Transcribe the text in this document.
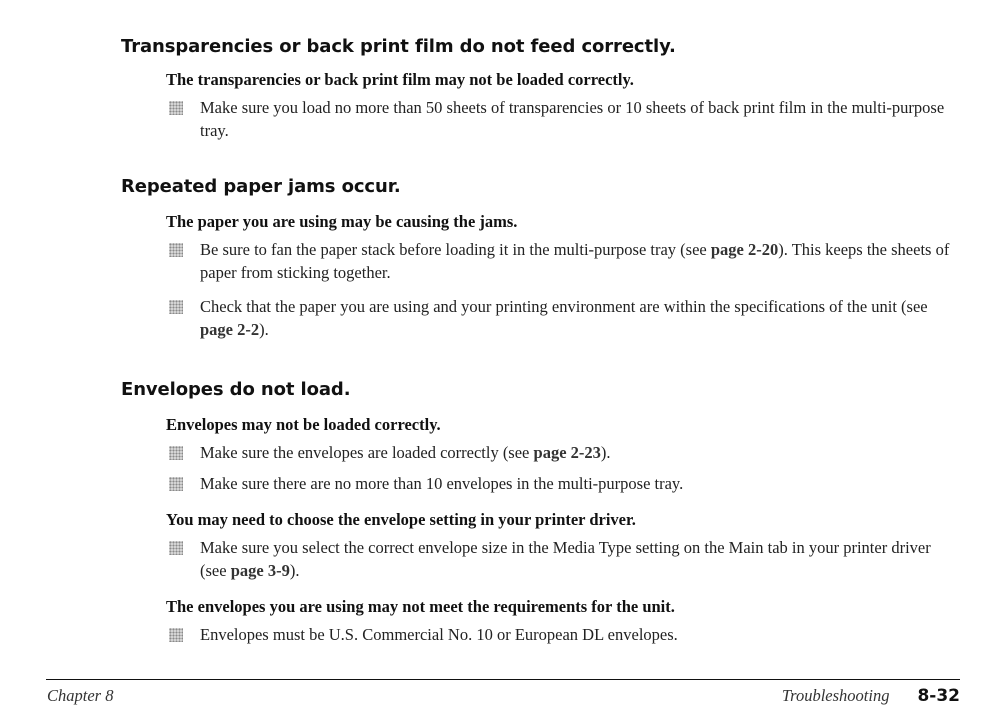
Transparencies or back print film do not feed correctly.
The transparencies or back print film may not be loaded correctly.
Make sure you load no more than 50 sheets of transparencies or 10 sheets of back print film in the multi-purpose tray.
Repeated paper jams occur.
The paper you are using may be causing the jams.
Be sure to fan the paper stack before loading it in the multi-purpose tray (see page 2-20). This keeps the sheets of paper from sticking together.
Check that the paper you are using and your printing environment are within the specifications of the unit (see page 2-2).
Envelopes do not load.
Envelopes may not be loaded correctly.
Make sure the envelopes are loaded correctly (see page 2-23).
Make sure there are no more than 10 envelopes in the multi-purpose tray.
You may need to choose the envelope setting in your printer driver.
Make sure you select the correct envelope size in the Media Type setting on the Main tab in your printer driver (see page 3-9).
The envelopes you are using may not meet the requirements for the unit.
Envelopes must be U.S. Commercial No. 10 or European DL envelopes.
Chapter 8	Troubleshooting 8-32
